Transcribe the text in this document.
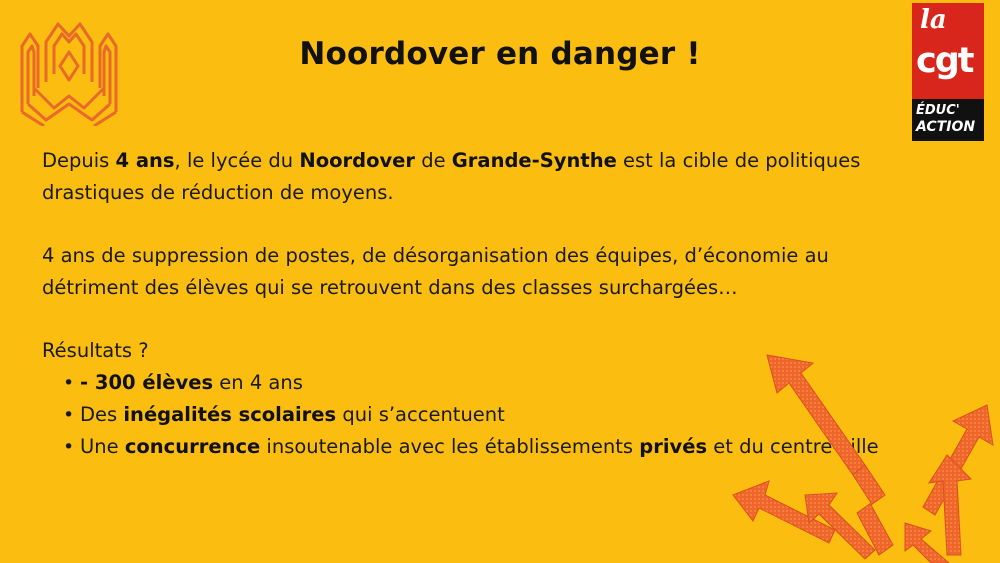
Noordover en danger !
la
cgt
ÉDUC'
ACTION

Depuis 4 ans, le lycée du Noordover de Grande-Synthe est la cible de politiques drastiques de réduction de moyens.

4 ans de suppression de postes, de désorganisation des équipes, d’économie au détriment des élèves qui se retrouvent dans des classes surchargées…

Résultats ?

• - 300 élèves en 4 ans
• Des inégalités scolaires qui s’accentuent
• Une concurrence insoutenable avec les établissements privés et du centre-ville
